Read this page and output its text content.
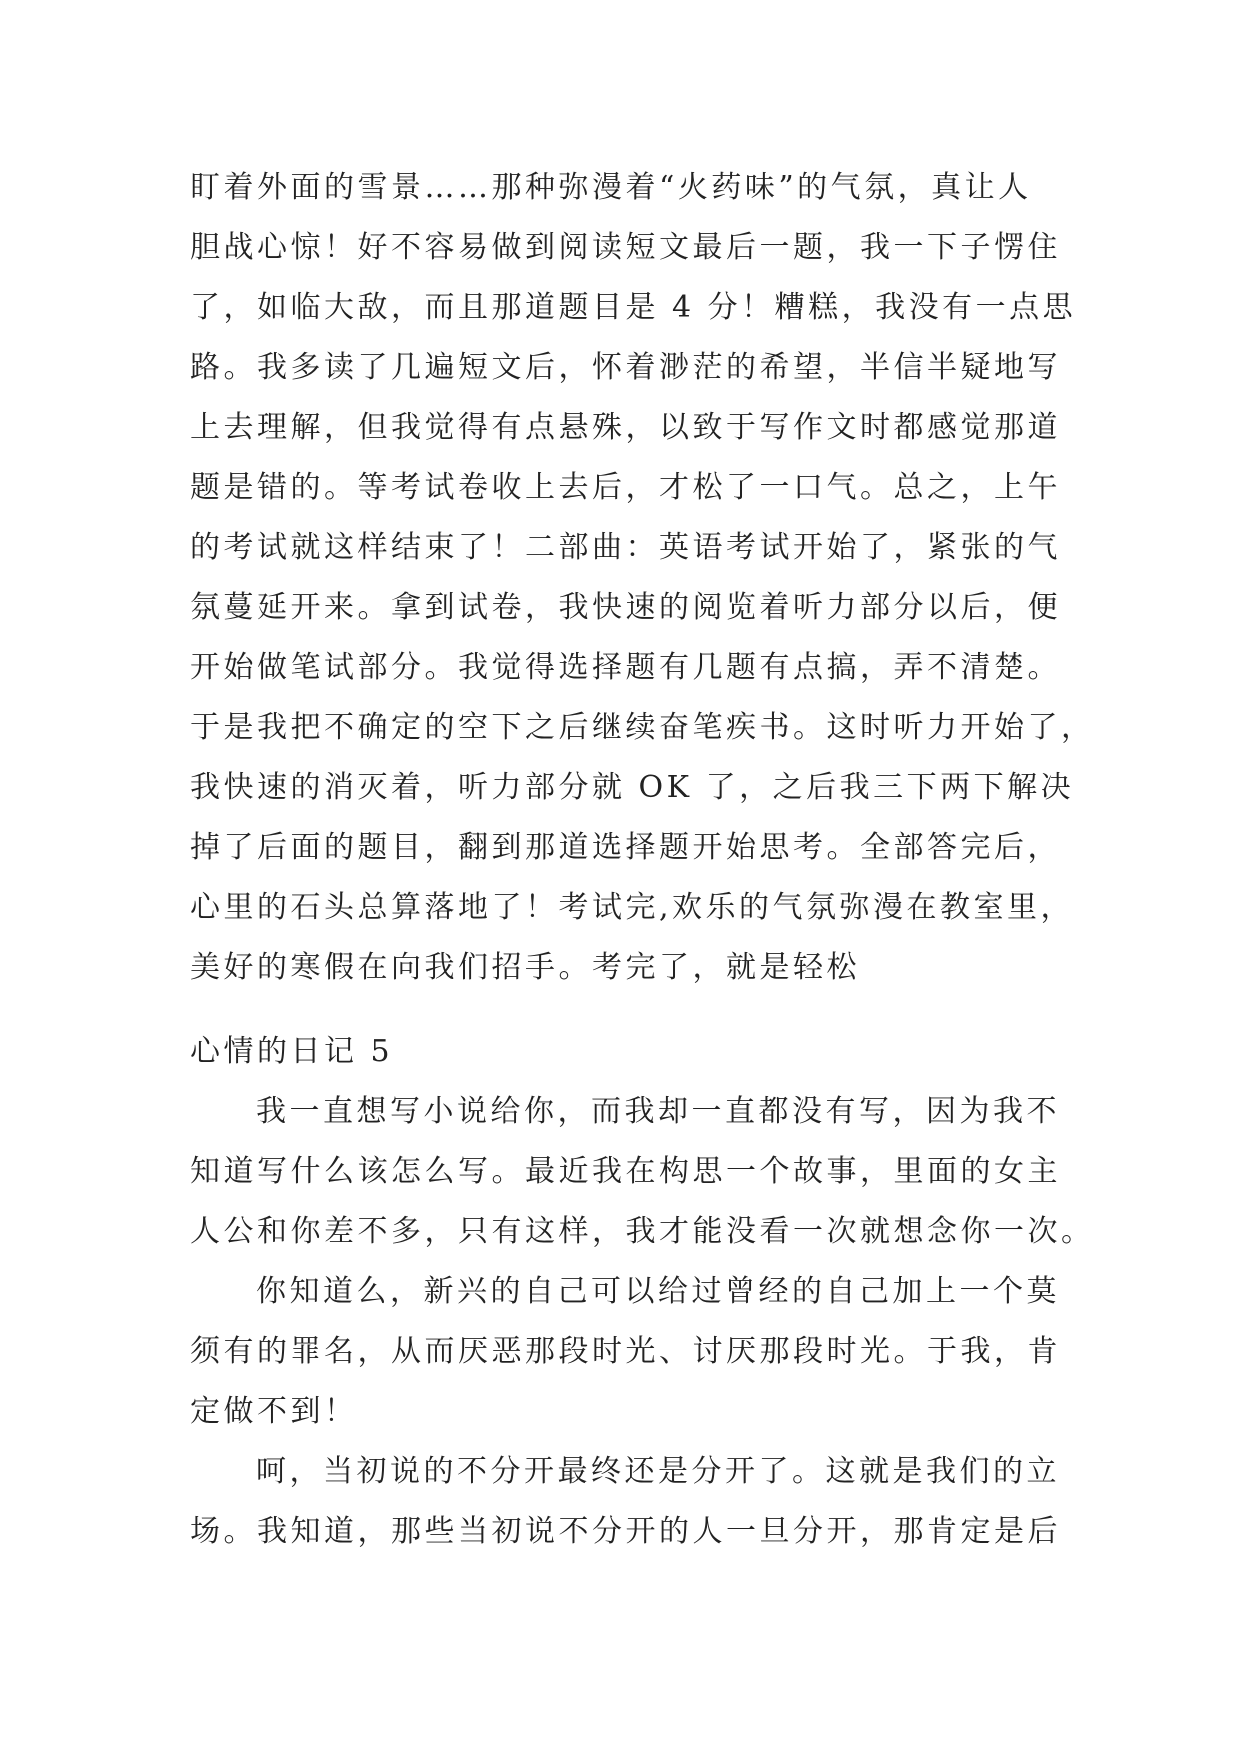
盯着外面的雪景……那种弥漫着“火药味”的气氛，真让人
胆战心惊！好不容易做到阅读短文最后一题，我一下子愣住
了，如临大敌，而且那道题目是 4 分！糟糕，我没有一点思
路。我多读了几遍短文后，怀着渺茫的希望，半信半疑地写
上去理解，但我觉得有点悬殊，以致于写作文时都感觉那道
题是错的。等考试卷收上去后，才松了一口气。总之，上午
的考试就这样结束了！二部曲：英语考试开始了，紧张的气
氛蔓延开来。拿到试卷，我快速的阅览着听力部分以后，便
开始做笔试部分。我觉得选择题有几题有点搞，弄不清楚。
于是我把不确定的空下之后继续奋笔疾书。这时听力开始了，
我快速的消灭着，听力部分就 OK 了，之后我三下两下解决
掉了后面的题目，翻到那道选择题开始思考。全部答完后，
心里的石头总算落地了！考试完,欢乐的气氛弥漫在教室里，
美好的寒假在向我们招手。考完了，就是轻松
心情的日记 5
我一直想写小说给你，而我却一直都没有写，因为我不
知道写什么该怎么写。最近我在构思一个故事，里面的女主
人公和你差不多，只有这样，我才能没看一次就想念你一次。
你知道么，新兴的自己可以给过曾经的自己加上一个莫
须有的罪名，从而厌恶那段时光、讨厌那段时光。于我，肯
定做不到！
呵，当初说的不分开最终还是分开了。这就是我们的立
场。我知道，那些当初说不分开的人一旦分开，那肯定是后
